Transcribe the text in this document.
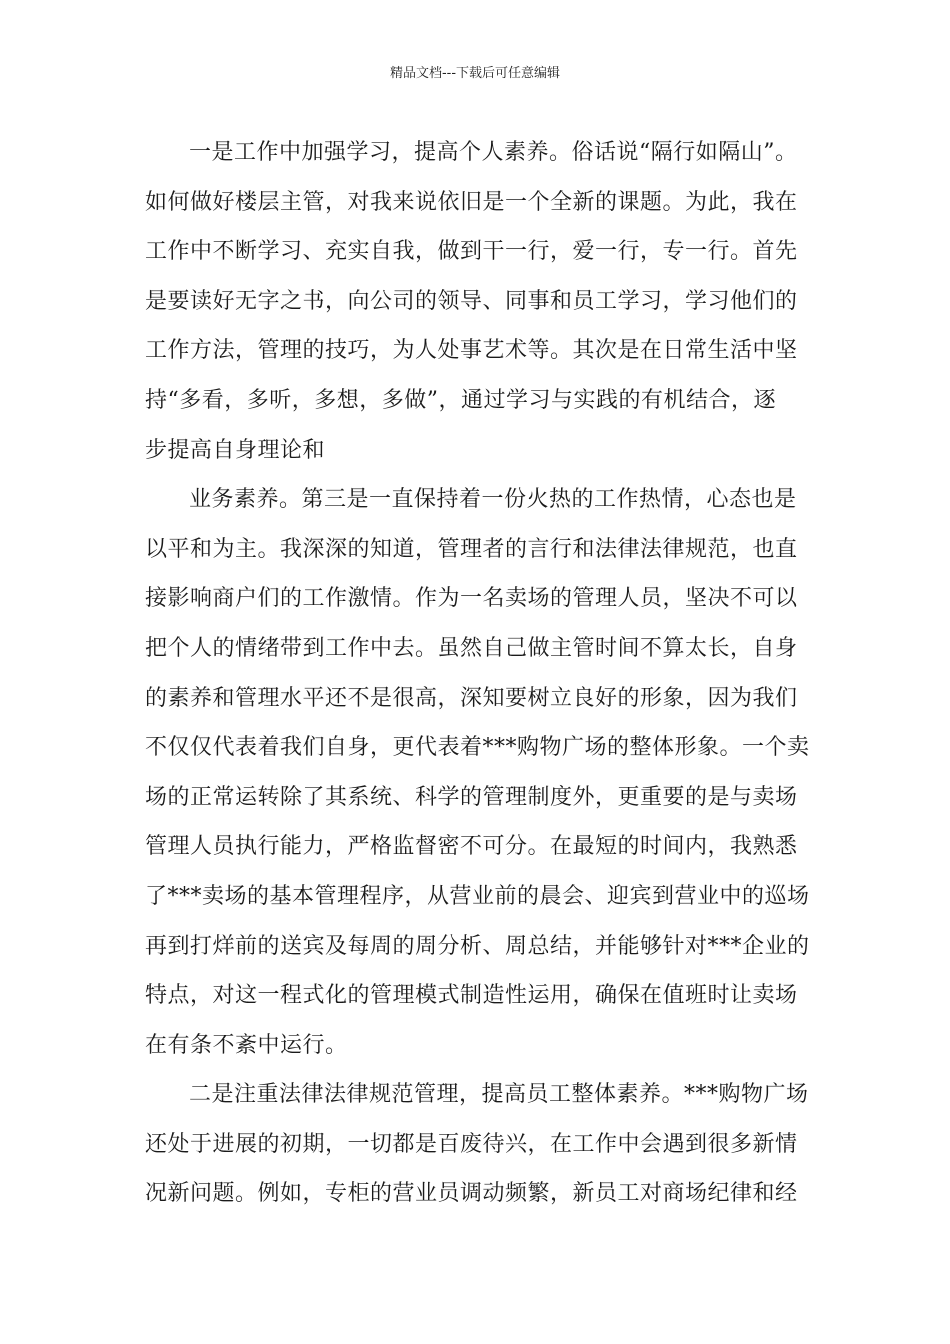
精品文档---下载后可任意编辑
一是工作中加强学习，提高个人素养。俗话说“隔行如隔山”。
如何做好楼层主管，对我来说依旧是一个全新的课题。为此，我在
工作中不断学习、充实自我，做到干一行，爱一行，专一行。首先
是要读好无字之书，向公司的领导、同事和员工学习，学习他们的
工作方法，管理的技巧，为人处事艺术等。其次是在日常生活中坚
持“多看，多听，多想，多做”，通过学习与实践的有机结合，逐
步提高自身理论和
业务素养。第三是一直保持着一份火热的工作热情，心态也是
以平和为主。我深深的知道，管理者的言行和法律法律规范，也直
接影响商户们的工作激情。作为一名卖场的管理人员，坚决不可以
把个人的情绪带到工作中去。虽然自己做主管时间不算太长，自身
的素养和管理水平还不是很高，深知要树立良好的形象，因为我们
不仅仅代表着我们自身，更代表着***购物广场的整体形象。一个卖
场的正常运转除了其系统、科学的管理制度外，更重要的是与卖场
管理人员执行能力，严格监督密不可分。在最短的时间内，我熟悉
了***卖场的基本管理程序，从营业前的晨会、迎宾到营业中的巡场
再到打烊前的送宾及每周的周分析、周总结，并能够针对***企业的
特点，对这一程式化的管理模式制造性运用，确保在值班时让卖场
在有条不紊中运行。
二是注重法律法律规范管理，提高员工整体素养。***购物广场
还处于进展的初期，一切都是百废待兴，在工作中会遇到很多新情
况新问题。例如，专柜的营业员调动频繁，新员工对商场纪律和经
